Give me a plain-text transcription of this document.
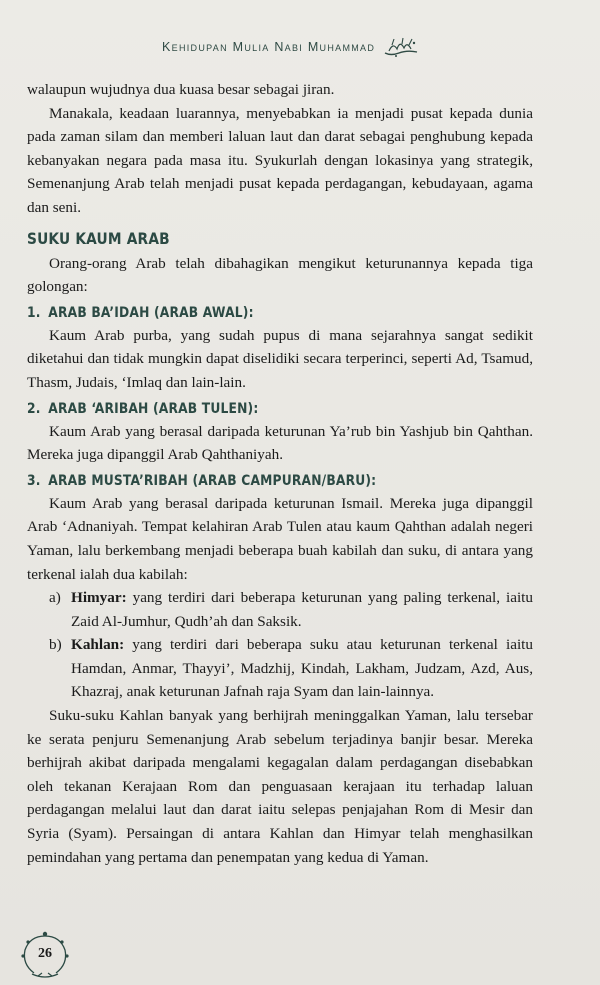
Kehidupan Mulia Nabi Muhammad

walaupun wujudnya dua kuasa besar sebagai jiran.

Manakala, keadaan luarannya, menyebabkan ia menjadi pusat kepada dunia pada zaman silam dan memberi laluan laut dan darat sebagai penghubung kepada kebanyakan negara pada masa itu. Syukurlah dengan lokasinya yang strategik, Semenanjung Arab telah menjadi pusat kepada perdagangan, kebudayaan, agama dan seni.

SUKU KAUM ARAB

Orang-orang Arab telah dibahagikan mengikut keturunannya kepada tiga golongan:

1. ARAB BA’IDAH (ARAB AWAL):

Kaum Arab purba, yang sudah pupus di mana sejarahnya sangat sedikit diketahui dan tidak mungkin dapat diselidiki secara terperinci, seperti Ad, Tsamud, Thasm, Judais, ‘Imlaq dan lain-lain.

2. ARAB ‘ARIBAH (ARAB TULEN):

Kaum Arab yang berasal daripada keturunan Ya’rub bin Yashjub bin Qahthan. Mereka juga dipanggil Arab Qahthaniyah.

3. ARAB MUSTA’RIBAH (ARAB CAMPURAN/BARU):

Kaum Arab yang berasal daripada keturunan Ismail. Mereka juga dipanggil Arab ‘Adnaniyah. Tempat kelahiran Arab Tulen atau kaum Qahthan adalah negeri Yaman, lalu berkembang menjadi beberapa buah kabilah dan suku, di antara yang terkenal ialah dua kabilah:

a) Himyar: yang terdiri dari beberapa keturunan yang paling terkenal, iaitu Zaid Al-Jumhur, Qudh’ah dan Saksik.
b) Kahlan: yang terdiri dari beberapa suku atau keturunan terkenal iaitu Hamdan, Anmar, Thayyi’, Madzhij, Kindah, Lakham, Judzam, Azd, Aus, Khazraj, anak keturunan Jafnah raja Syam dan lain-lainnya.

Suku-suku Kahlan banyak yang berhijrah meninggalkan Yaman, lalu tersebar ke serata penjuru Semenanjung Arab sebelum terjadinya banjir besar. Mereka berhijrah akibat daripada mengalami kegagalan dalam perdagangan disebabkan oleh tekanan Kerajaan Rom dan penguasaan kerajaan itu terhadap laluan perdagangan melalui laut dan darat iaitu selepas penjajahan Rom di Mesir dan Syria (Syam). Persaingan di antara Kahlan dan Himyar telah menghasilkan pemindahan yang pertama dan penempatan yang kedua di Yaman.

26
